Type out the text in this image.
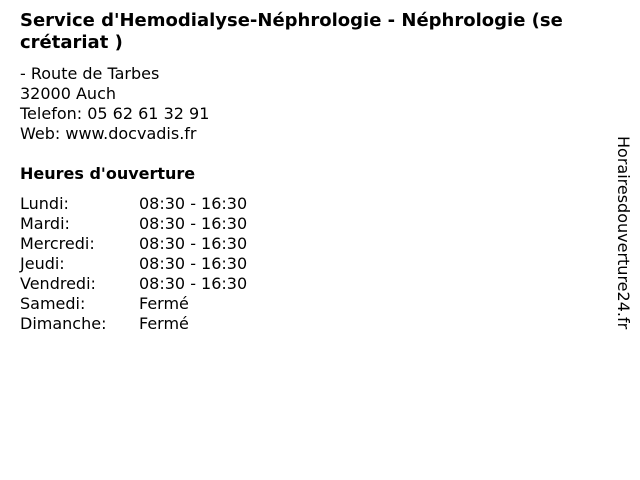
Service d'Hemodialyse-Néphrologie - Néphrologie (se
crétariat )
- Route de Tarbes
32000 Auch
Telefon: 05 62 61 32 91
Web: www.docvadis.fr
Heures d'ouverture
Lundi:	08:30 - 16:30
Mardi:	08:30 - 16:30
Mercredi:	08:30 - 16:30
Jeudi:	08:30 - 16:30
Vendredi:	08:30 - 16:30
Samedi:	Fermé
Dimanche: Fermé	Horairesdouverture24.fr
